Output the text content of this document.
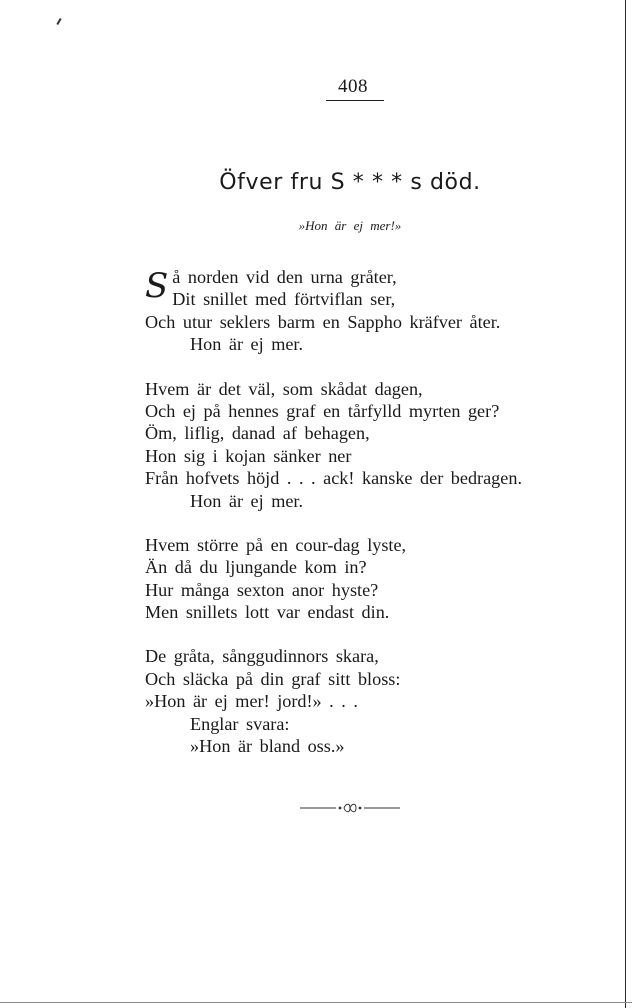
408
Öfver fru S * * * s död.
»Hon är ej mer!»
Så norden vid den urna gråter,
Dit snillet med förtviflan ser,
Och utur seklers barm en Sappho kräfver åter.
Hon är ej mer.
Hvem är det väl, som skådat dagen,
Och ej på hennes graf en tårfylld myrten ger?
Öm, liflig, danad af behagen,
Hon sig i kojan sänker ner
Från hofvets höjd . . . ack! kanske der bedragen.
Hon är ej mer.
Hvem större på en cour-dag lyste,
Än då du ljungande kom in?
Hur många sexton anor hyste?
Men snillets lott var endast din.
De gråta, sånggudinnors skara,
Och släcka på din graf sitt bloss:
»Hon är ej mer! jord!» . . .
Englar svara:
»Hon är bland oss.»
